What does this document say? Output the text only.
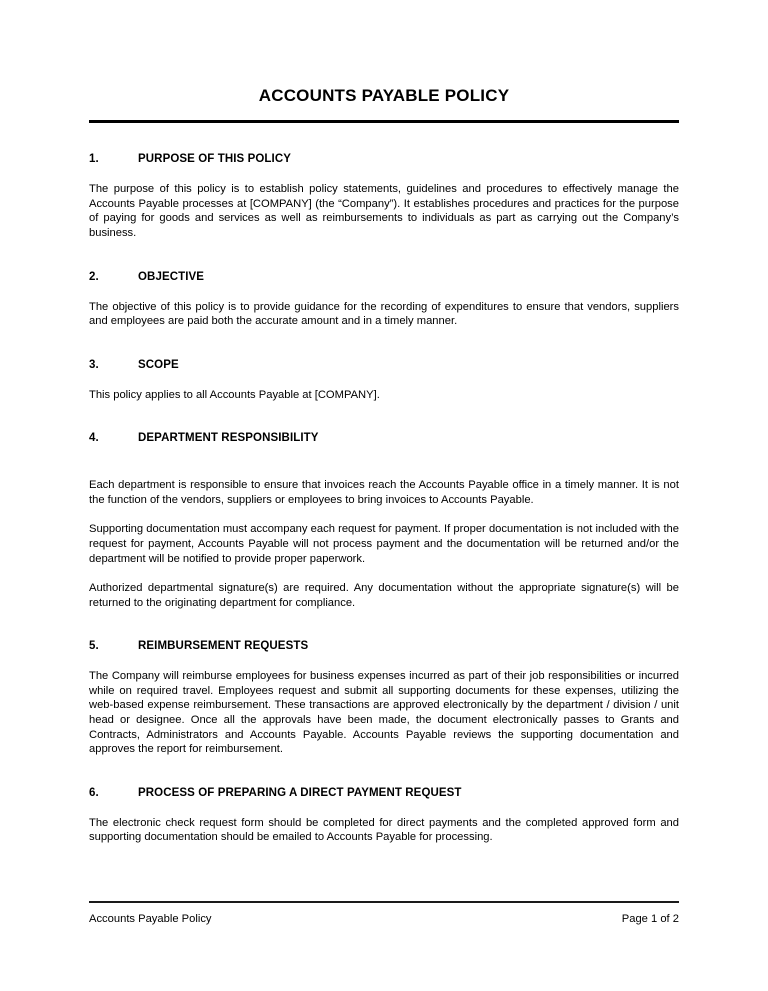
ACCOUNTS PAYABLE POLICY
1.	PURPOSE OF THIS POLICY

The purpose of this policy is to establish policy statements, guidelines and procedures to effectively manage the Accounts Payable processes at [COMPANY] (the “Company”). It establishes procedures and practices for the purpose of paying for goods and services as well as reimbursements to individuals as part as carrying out the Company’s business.

2.	OBJECTIVE

The objective of this policy is to provide guidance for the recording of expenditures to ensure that vendors, suppliers and employees are paid both the accurate amount and in a timely manner.

3.	SCOPE

This policy applies to all Accounts Payable at [COMPANY].

4.	DEPARTMENT RESPONSIBILITY

Each department is responsible to ensure that invoices reach the Accounts Payable office in a timely manner. It is not the function of the vendors, suppliers or employees to bring invoices to Accounts Payable.

Supporting documentation must accompany each request for payment. If proper documentation is not included with the request for payment, Accounts Payable will not process payment and the documentation will be returned and/or the department will be notified to provide proper paperwork.

Authorized departmental signature(s) are required. Any documentation without the appropriate signature(s) will be returned to the originating department for compliance.

5.	REIMBURSEMENT REQUESTS

The Company will reimburse employees for business expenses incurred as part of their job responsibilities or incurred while on required travel. Employees request and submit all supporting documents for these expenses, utilizing the web-based expense reimbursement. These transactions are approved electronically by the department / division / unit head or designee. Once all the approvals have been made, the document electronically passes to Grants and Contracts, Administrators and Accounts Payable. Accounts Payable reviews the supporting documentation and approves the report for reimbursement.

6.	PROCESS OF PREPARING A DIRECT PAYMENT REQUEST

The electronic check request form should be completed for direct payments and the completed approved form and supporting documentation should be emailed to Accounts Payable for processing.

Accounts Payable Policy	Page 1 of 2
